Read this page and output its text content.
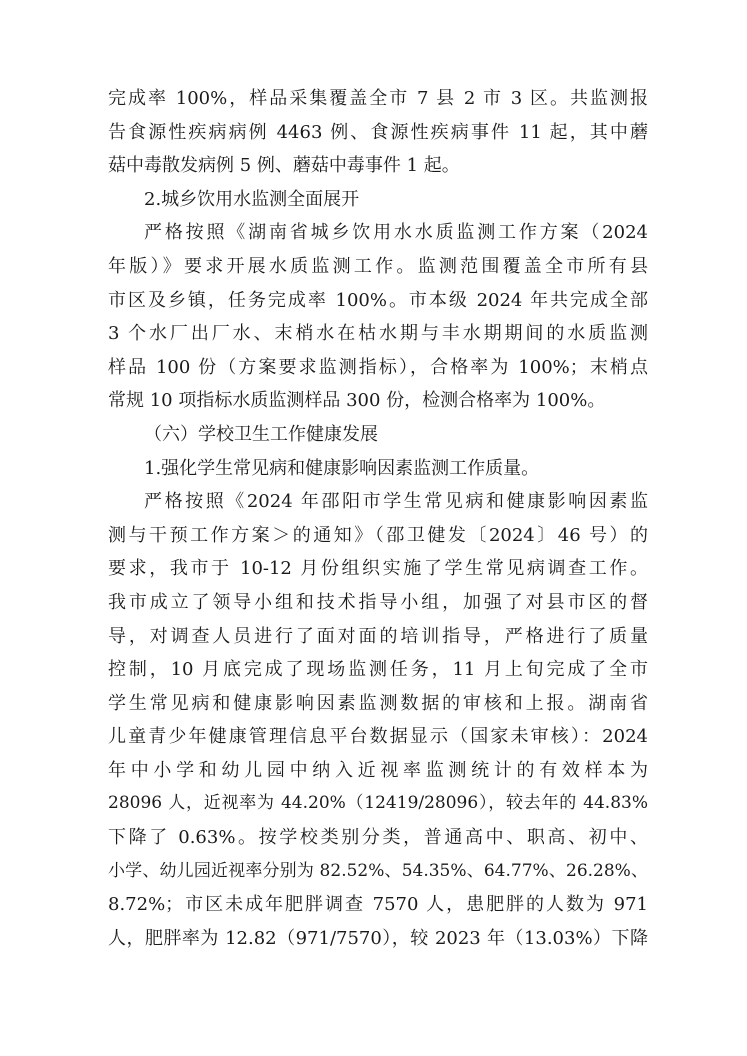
完成率 100%，样品采集覆盖全市 7 县 2 市 3 区。共监测报
告食源性疾病病例 4463 例、食源性疾病事件 11 起，其中蘑
菇中毒散发病例 5 例、蘑菇中毒事件 1 起。
2.城乡饮用水监测全面展开
严格按照《湖南省城乡饮用水水质监测工作方案（2024
年版）》要求开展水质监测工作。监测范围覆盖全市所有县
市区及乡镇，任务完成率 100%。市本级 2024 年共完成全部
3 个水厂出厂水、末梢水在枯水期与丰水期期间的水质监测
样品 100 份（方案要求监测指标），合格率为 100%；末梢点
常规 10 项指标水质监测样品 300 份，检测合格率为 100%。
（六）学校卫生工作健康发展
1.强化学生常见病和健康影响因素监测工作质量。
严格按照《2024 年邵阳市学生常见病和健康影响因素监
测与干预工作方案＞的通知》（邵卫健发〔2024〕46 号）的
要求，我市于 10-12 月份组织实施了学生常见病调查工作。
我市成立了领导小组和技术指导小组，加强了对县市区的督
导，对调查人员进行了面对面的培训指导，严格进行了质量
控制，10 月底完成了现场监测任务，11 月上旬完成了全市
学生常见病和健康影响因素监测数据的审核和上报。湖南省
儿童青少年健康管理信息平台数据显示（国家未审核）：2024
年中小学和幼儿园中纳入近视率监测统计的有效样本为
28096 人，近视率为 44.20%（12419/28096），较去年的 44.83%
下降了 0.63%。按学校类别分类，普通高中、职高、初中、
小学、幼儿园近视率分别为 82.52%、54.35%、64.77%、26.28%、
8.72%；市区未成年肥胖调查 7570 人，患肥胖的人数为 971
人，肥胖率为 12.82（971/7570），较 2023 年（13.03%）下降
